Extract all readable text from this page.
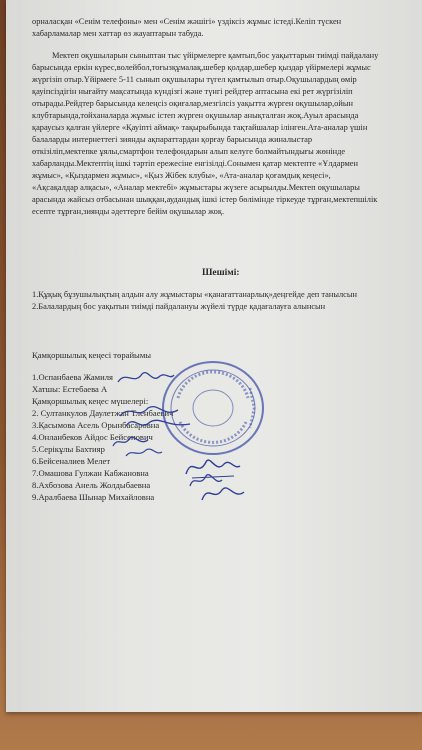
орналасқан «Сенім телефоны» мен «Сенім жәшігі» үздіксіз жұмыс істеді.Келіп түскен
хабарламалар мен хаттар өз жауаптарын табуда.
Мектеп оқушыларын сыныптан тыс үйірмелерге қамтып,бос уақыттарын тиімді пайдалану
барысында еркін күрес,волейбол,тоғызқұмалақ,шебер қолдар,шебер қыздар үйірмелері жұмыс
жүргізіп отыр.Үйірмеге 5-11 сынып оқушылары түгел қамтылып отыр.Оқушылардың өмір
қауіпсіздігін нығайту мақсатында күндізгі және түнгі рейдтер аптасына екі рет жүргізіліп
отырады.Рейдтер барысында келеңсіз оқиғалар,мезгілсіз уақытта жүрген оқушылар,ойын
клубтарында,тойханаларда жұмыс істеп жүрген оқушылар анықталған жоқ.Ауыл арасында
қараусыз қалған үйлерге «Қауіпті аймақ» тақырыбында тақтайшалар ілінген.Ата-аналар үшін
балаларды интернеттегі зиянды ақпараттардан қорғау барысында жиналыстар
өткізіліп,мектепке ұялы,смартфон телефондарын алып келуге болмайтындығы жөнінде
хабарланды.Мектептің ішкі тәртіп ережесіне енгізілді.Сонымен қатар мектепте «Ұлдармен
жұмыс», «Қыздармен жұмыс», «Қыз Жібек клубы», «Ата-аналар қоғамдық кеңесі»,
«Ақсақалдар алқасы», «Аналар мектебі» жұмыстары жүзеге асырылды.Мектеп оқушылары
арасында жайсыз отбасынан шыққан,аудандық ішкі істер бөлімінде тіркеуде тұрған,мектепшілік
есепте тұрған,зиянды әдеттерге бейім оқушылар жоқ.
Шешімі:
1.Құқық бұзушылықтың алдын алу жұмыстары «қанағаттанарлық»деңгейде деп танылсын
2.Балалардың бос уақытын тиімді пайдалануы жүйелі түрде қадағалауға алынсын
Қамқоршылық кеңесі төрайымы
1.Оспанбаева Жамиля
Хатшы: Естебаева А
Қамқоршылық кеңес мүшелері:
2. Султанкулов Даулетжан Тленбаевич
3.Қасымова Асель Орынбасаровна
4.Онланбеков Айдос Бейсенович
5.Серікұлы Бахтияр
6.Бейсеналиев Мелет
7.Омашова Гулжан Кабжановна
8.Ахбозова Анель Жолдыбаевна
9.Аралбаева Шынар Михайловна
